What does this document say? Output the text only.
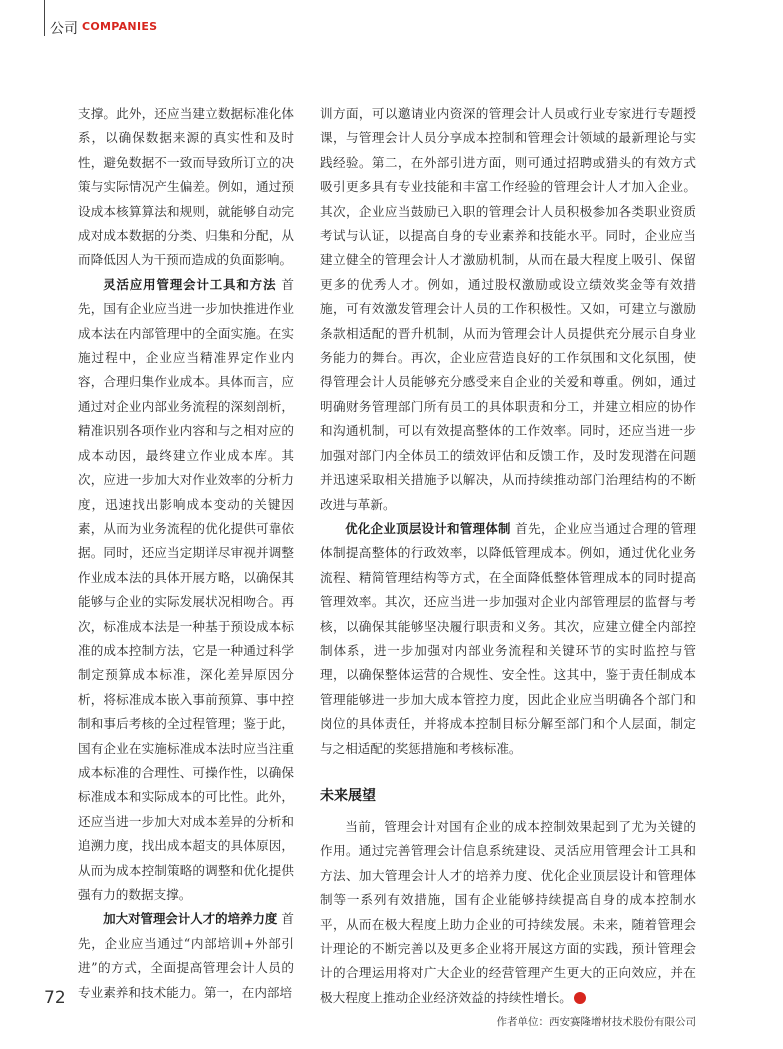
公司 COMPANIES

支撑。此外，还应当建立数据标准化体系，以确保数据来源的真实性和及时性，避免数据不一致而导致所订立的决策与实际情况产生偏差。例如，通过预设成本核算算法和规则，就能够自动完成对成本数据的分类、归集和分配，从而降低因人为干预而造成的负面影响。

灵活应用管理会计工具和方法 首先，国有企业应当进一步加快推进作业成本法在内部管理中的全面实施。在实施过程中，企业应当精准界定作业内容，合理归集作业成本。具体而言，应通过对企业内部业务流程的深刻剖析，精准识别各项作业内容和与之相对应的成本动因，最终建立作业成本库。其次，应进一步加大对作业效率的分析力度，迅速找出影响成本变动的关键因素，从而为业务流程的优化提供可靠依据。同时，还应当定期详尽审视并调整作业成本法的具体开展方略，以确保其能够与企业的实际发展状况相吻合。再次，标准成本法是一种基于预设成本标准的成本控制方法，它是一种通过科学制定预算成本标准，深化差异原因分析，将标准成本嵌入事前预算、事中控制和事后考核的全过程管理；鉴于此，国有企业在实施标准成本法时应当注重成本标准的合理性、可操作性，以确保标准成本和实际成本的可比性。此外，还应当进一步加大对成本差异的分析和追溯力度，找出成本超支的具体原因，从而为成本控制策略的调整和优化提供强有力的数据支撑。

加大对管理会计人才的培养力度 首先，企业应当通过“内部培训+外部引进”的方式，全面提高管理会计人员的专业素养和技术能力。第一，在内部培

训方面，可以邀请业内资深的管理会计人员或行业专家进行专题授课，与管理会计人员分享成本控制和管理会计领域的最新理论与实践经验。第二，在外部引进方面，则可通过招聘或猎头的有效方式吸引更多具有专业技能和丰富工作经验的管理会计人才加入企业。其次，企业应当鼓励已入职的管理会计人员积极参加各类职业资质考试与认证，以提高自身的专业素养和技能水平。同时，企业应当建立健全的管理会计人才激励机制，从而在最大程度上吸引、保留更多的优秀人才。例如，通过股权激励或设立绩效奖金等有效措施，可有效激发管理会计人员的工作积极性。又如，可建立与激励条款相适配的晋升机制，从而为管理会计人员提供充分展示自身业务能力的舞台。再次，企业应营造良好的工作氛围和文化氛围，使得管理会计人员能够充分感受来自企业的关爱和尊重。例如，通过明确财务管理部门所有员工的具体职责和分工，并建立相应的协作和沟通机制，可以有效提高整体的工作效率。同时，还应当进一步加强对部门内全体员工的绩效评估和反馈工作，及时发现潜在问题并迅速采取相关措施予以解决，从而持续推动部门治理结构的不断改进与革新。

优化企业顶层设计和管理体制 首先，企业应当通过合理的管理体制提高整体的行政效率，以降低管理成本。例如，通过优化业务流程、精简管理结构等方式，在全面降低整体管理成本的同时提高管理效率。其次，还应当进一步加强对企业内部管理层的监督与考核，以确保其能够坚决履行职责和义务。其次，应建立健全内部控制体系，进一步加强对内部业务流程和关键环节的实时监控与管理，以确保整体运营的合规性、安全性。这其中，鉴于责任制成本管理能够进一步加大成本管控力度，因此企业应当明确各个部门和岗位的具体责任，并将成本控制目标分解至部门和个人层面，制定与之相适配的奖惩措施和考核标准。

未来展望

当前，管理会计对国有企业的成本控制效果起到了尤为关键的作用。通过完善管理会计信息系统建设、灵活应用管理会计工具和方法、加大管理会计人才的培养力度、优化企业顶层设计和管理体制等一系列有效措施，国有企业能够持续提高自身的成本控制水平，从而在极大程度上助力企业的可持续发展。未来，随着管理会计理论的不断完善以及更多企业将开展这方面的实践，预计管理会计的合理运用将对广大企业的经营管理产生更大的正向效应，并在极大程度上推动企业经济效益的持续性增长。	商

作者单位：西安赛隆增材技术股份有限公司
72
